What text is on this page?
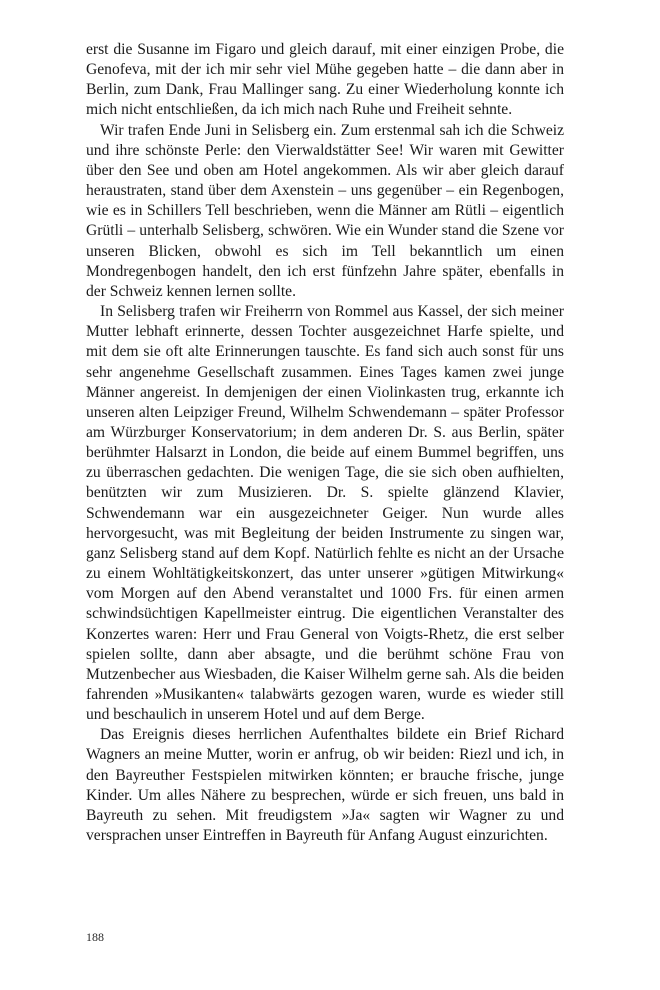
erst die Susanne im Figaro und gleich darauf, mit einer einzigen Probe, die Genofeva, mit der ich mir sehr viel Mühe gegeben hatte – die dann aber in Berlin, zum Dank, Frau Mallinger sang. Zu einer Wiederholung konnte ich mich nicht entschließen, da ich mich nach Ruhe und Freiheit sehnte.

Wir trafen Ende Juni in Selisberg ein. Zum erstenmal sah ich die Schweiz und ihre schönste Perle: den Vierwaldstätter See! Wir waren mit Gewitter über den See und oben am Hotel angekommen. Als wir aber gleich darauf heraustraten, stand über dem Axenstein – uns gegenüber – ein Regenbogen, wie es in Schillers Tell beschrieben, wenn die Männer am Rütli – eigentlich Grütli – unterhalb Selisberg, schwören. Wie ein Wunder stand die Szene vor unseren Blicken, obwohl es sich im Tell bekanntlich um einen Mondregenbogen handelt, den ich erst fünfzehn Jahre später, ebenfalls in der Schweiz kennen lernen sollte.

In Selisberg trafen wir Freiherrn von Rommel aus Kassel, der sich meiner Mutter lebhaft erinnerte, dessen Tochter ausgezeichnet Harfe spielte, und mit dem sie oft alte Erinnerungen tauschte. Es fand sich auch sonst für uns sehr angenehme Gesellschaft zusammen. Eines Tages kamen zwei junge Männer angereist. In demjenigen der einen Violinkasten trug, erkannte ich unseren alten Leipziger Freund, Wilhelm Schwendemann – später Professor am Würzburger Konservatorium; in dem anderen Dr. S. aus Berlin, später berühmter Halsarzt in London, die beide auf einem Bummel begriffen, uns zu überraschen gedachten. Die wenigen Tage, die sie sich oben aufhielten, benützten wir zum Musizieren. Dr. S. spielte glänzend Klavier, Schwendemann war ein ausgezeichneter Geiger. Nun wurde alles hervorgesucht, was mit Begleitung der beiden Instrumente zu singen war, ganz Selisberg stand auf dem Kopf. Natürlich fehlte es nicht an der Ursache zu einem Wohltätigkeitskonzert, das unter unserer »gütigen Mitwirkung« vom Morgen auf den Abend veranstaltet und 1000 Frs. für einen armen schwindsüchtigen Kapellmeister eintrug. Die eigentlichen Veranstalter des Konzertes waren: Herr und Frau General von Voigts-Rhetz, die erst selber spielen sollte, dann aber absagte, und die berühmt schöne Frau von Mutzenbecher aus Wiesbaden, die Kaiser Wilhelm gerne sah. Als die beiden fahrenden »Musikanten« talabwärts gezogen waren, wurde es wieder still und beschaulich in unserem Hotel und auf dem Berge.

Das Ereignis dieses herrlichen Aufenthaltes bildete ein Brief Richard Wagners an meine Mutter, worin er anfrug, ob wir beiden: Riezl und ich, in den Bayreuther Festspielen mitwirken könnten; er brauche frische, junge Kinder. Um alles Nähere zu besprechen, würde er sich freuen, uns bald in Bayreuth zu sehen. Mit freudigstem »Ja« sagten wir Wagner zu und versprachen unser Eintreffen in Bayreuth für Anfang August einzurichten.

188
